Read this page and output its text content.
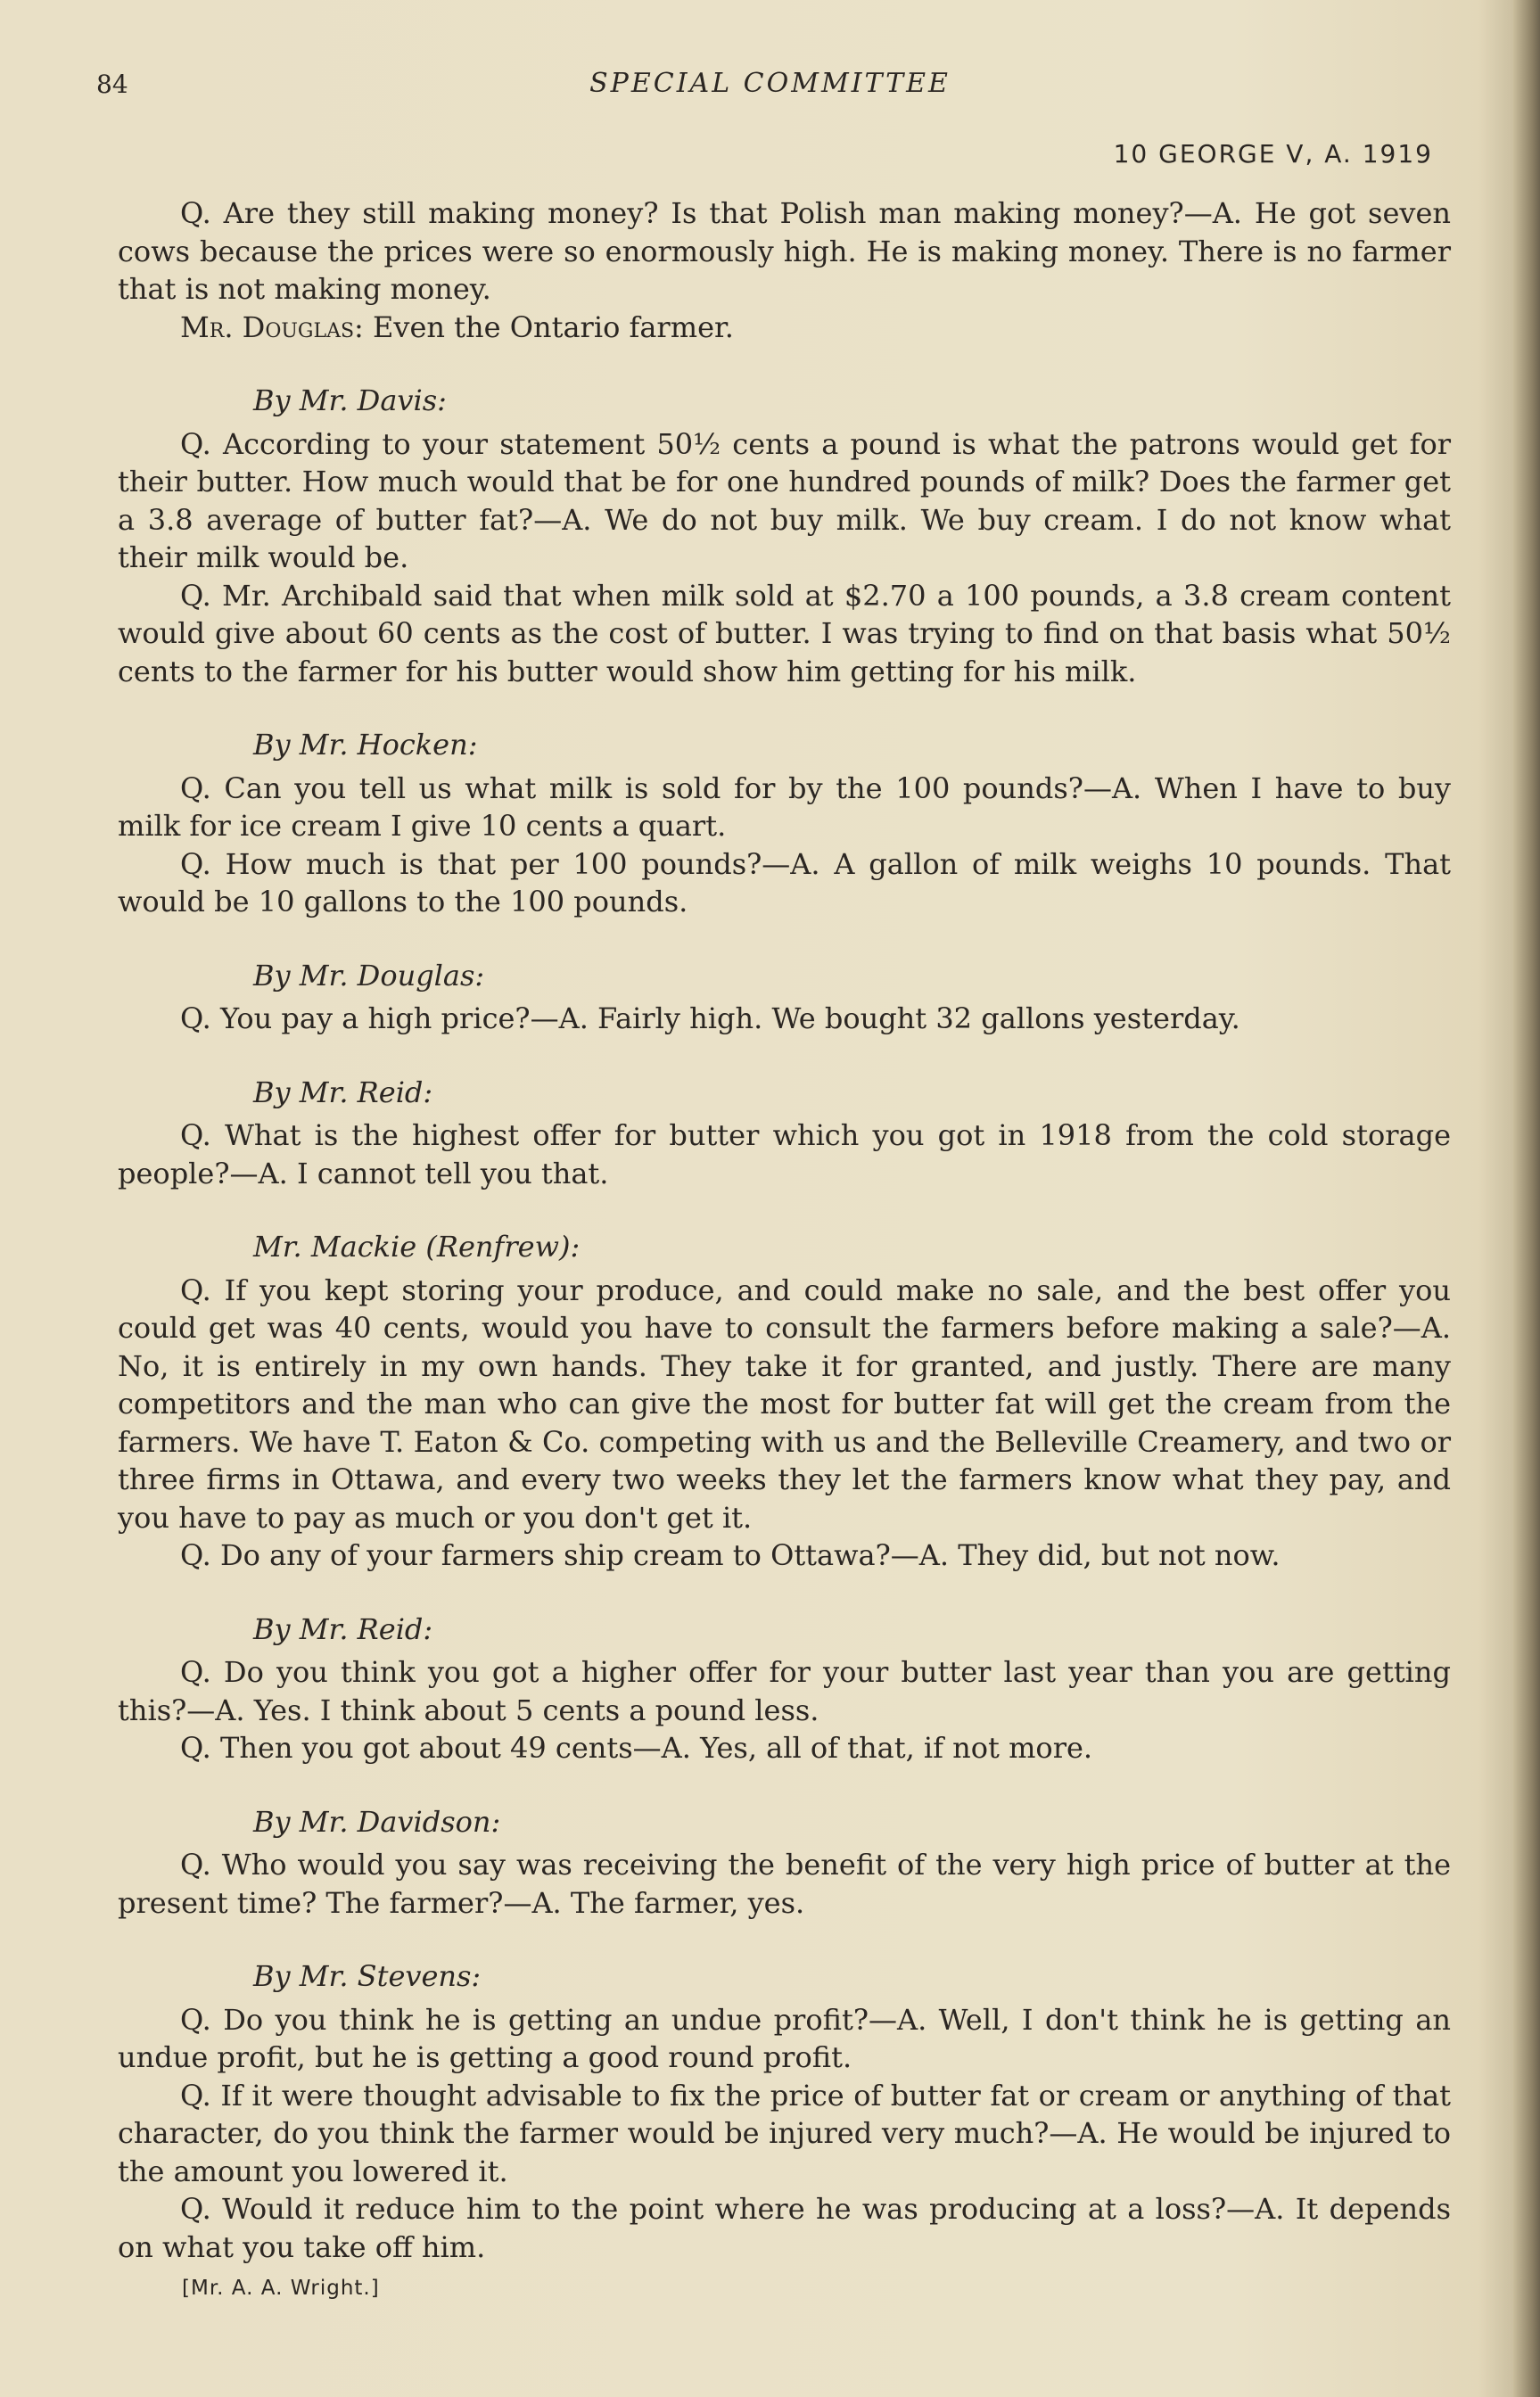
84	SPECIAL COMMITTEE
10 GEORGE V, A. 1919

Q. Are they still making money? Is that Polish man making money?—A. He got seven cows because the prices were so enormously high. He is making money. There is no farmer that is not making money.

Mr. Douglas: Even the Ontario farmer.

By Mr. Davis:

Q. According to your statement 50½ cents a pound is what the patrons would get for their butter. How much would that be for one hundred pounds of milk? Does the farmer get a 3.8 average of butter fat?—A. We do not buy milk. We buy cream. I do not know what their milk would be.

Q. Mr. Archibald said that when milk sold at $2.70 a 100 pounds, a 3.8 cream content would give about 60 cents as the cost of butter. I was trying to find on that basis what 50½ cents to the farmer for his butter would show him getting for his milk.

By Mr. Hocken:

Q. Can you tell us what milk is sold for by the 100 pounds?—A. When I have to buy milk for ice cream I give 10 cents a quart.

Q. How much is that per 100 pounds?—A. A gallon of milk weighs 10 pounds. That would be 10 gallons to the 100 pounds.

By Mr. Douglas:

Q. You pay a high price?—A. Fairly high. We bought 32 gallons yesterday.

By Mr. Reid:

Q. What is the highest offer for butter which you got in 1918 from the cold storage people?—A. I cannot tell you that.

Mr. Mackie (Renfrew):

Q. If you kept storing your produce, and could make no sale, and the best offer you could get was 40 cents, would you have to consult the farmers before making a sale?—A. No, it is entirely in my own hands. They take it for granted, and justly. There are many competitors and the man who can give the most for butter fat will get the cream from the farmers. We have T. Eaton & Co. competing with us and the Belleville Creamery, and two or three firms in Ottawa, and every two weeks they let the farmers know what they pay, and you have to pay as much or you don't get it.

Q. Do any of your farmers ship cream to Ottawa?—A. They did, but not now.

By Mr. Reid:

Q. Do you think you got a higher offer for your butter last year than you are getting this?—A. Yes. I think about 5 cents a pound less.

Q. Then you got about 49 cents—A. Yes, all of that, if not more.

By Mr. Davidson:

Q. Who would you say was receiving the benefit of the very high price of butter at the present time? The farmer?—A. The farmer, yes.

By Mr. Stevens:

Q. Do you think he is getting an undue profit?—A. Well, I don't think he is getting an undue profit, but he is getting a good round profit.

Q. If it were thought advisable to fix the price of butter fat or cream or anything of that character, do you think the farmer would be injured very much?—A. He would be injured to the amount you lowered it.

Q. Would it reduce him to the point where he was producing at a loss?—A. It depends on what you take off him.

[Mr. A. A. Wright.]
